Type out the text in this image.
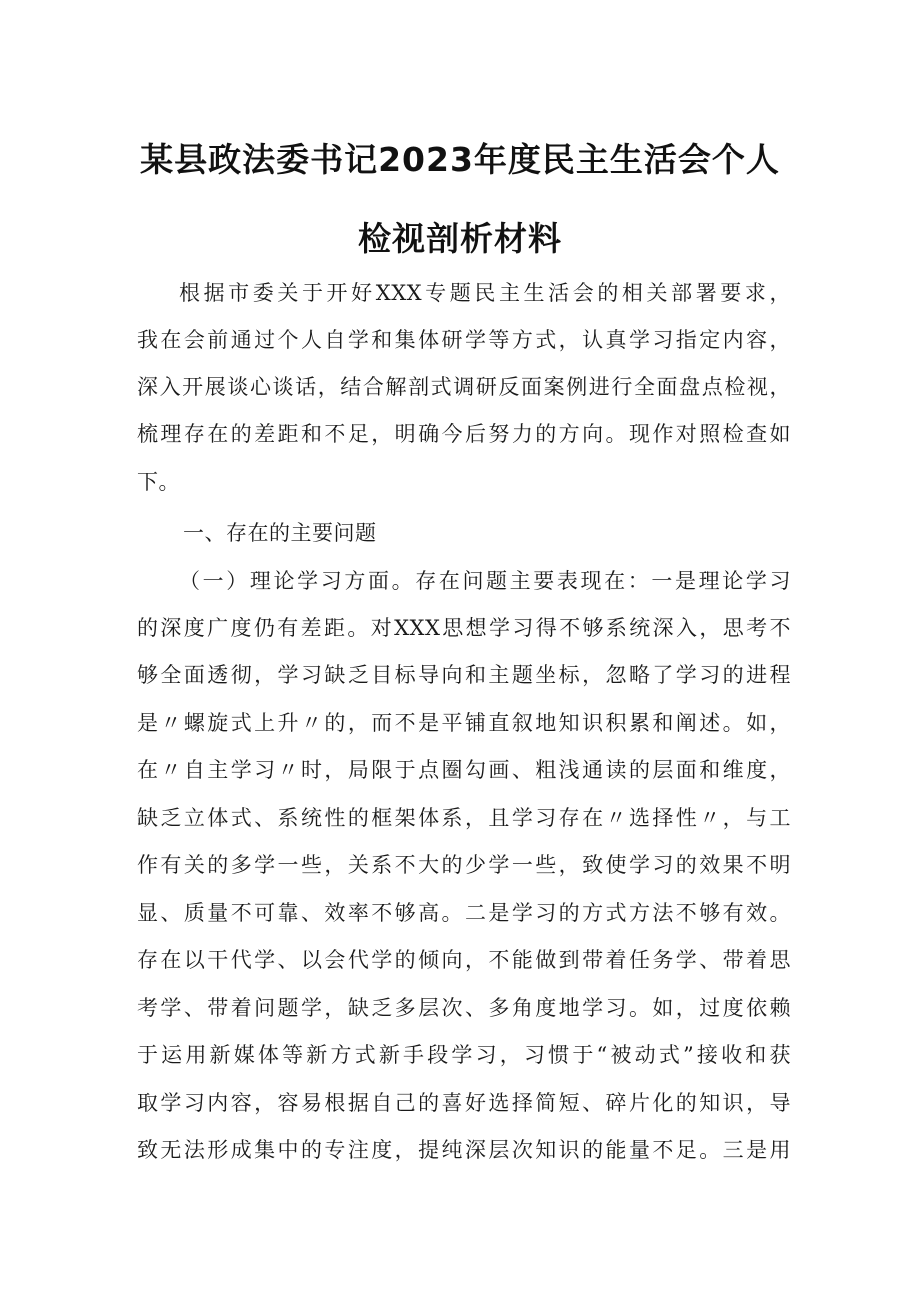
某县政法委书记2023年度民主生活会个人
检视剖析材料
根据市委关于开好XXX专题民主生活会的相关部署要求，
我在会前通过个人自学和集体研学等方式，认真学习指定内容，
深入开展谈心谈话，结合解剖式调研反面案例进行全面盘点检视，
梳理存在的差距和不足，明确今后努力的方向。现作对照检查如
下。
一、存在的主要问题
（一）理论学习方面。存在问题主要表现在：一是理论学习
的深度广度仍有差距。对XXX思想学习得不够系统深入，思考不
够全面透彻，学习缺乏目标导向和主题坐标，忽略了学习的进程
是〃螺旋式上升〃的，而不是平铺直叙地知识积累和阐述。如，
在〃自主学习〃时，局限于点圈勾画、粗浅通读的层面和维度，
缺乏立体式、系统性的框架体系，且学习存在〃选择性〃，与工
作有关的多学一些，关系不大的少学一些，致使学习的效果不明
显、质量不可靠、效率不够高。二是学习的方式方法不够有效。
存在以干代学、以会代学的倾向，不能做到带着任务学、带着思
考学、带着问题学，缺乏多层次、多角度地学习。如，过度依赖
于运用新媒体等新方式新手段学习，习惯于“被动式”接收和获
取学习内容，容易根据自己的喜好选择简短、碎片化的知识，导
致无法形成集中的专注度，提纯深层次知识的能量不足。三是用
